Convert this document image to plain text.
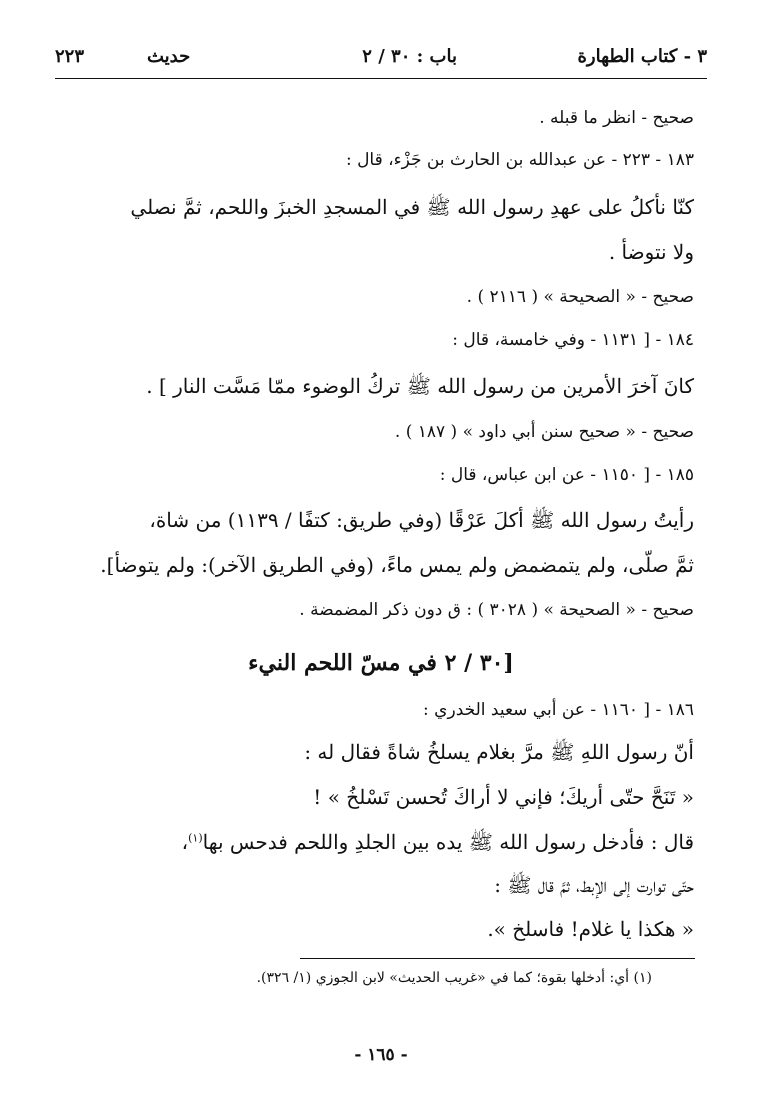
٣ - كتاب الطهارة
باب : ٣٠ / ٢
حديث
٢٢٣
صحيح - انظر ما قبله .
١٨٣ - ٢٢٣ - عن عبدالله بن الحارث بن جَزْء، قال :
كنّا نأكلُ على عهدِ رسول الله ﷺ في المسجدِ الخبزَ واللحم، ثمَّ نصلي
ولا نتوضأ .
صحيح - « الصحيحة » ( ٢١١٦ ) .
١٨٤ - [ ١١٣١ - وفي خامسة، قال :
كانَ آخرَ الأمرين من رسول الله ﷺ تركُ الوضوء ممّا مَسَّت النار ] .
صحيح - « صحيح سنن أبي داود » ( ١٨٧ ) .
١٨٥ - [ ١١٥٠ - عن ابن عباس، قال :
رأيتُ رسول الله ﷺ أكلَ عَرْقًا (وفي طريق: كتفًا / ١١٣٩) من شاة،
ثمَّ صلّى، ولم يتمضمض ولم يمس ماءً، (وفي الطريق الآخر): ولم يتوضأ].
صحيح - « الصحيحة » ( ٣٠٢٨ ) : ق دون ذكر المضمضة .
[٣٠ / ٢ في مسّ اللحم النيء
١٨٦ - [ ١١٦٠ - عن أبي سعيد الخدري :
أنّ رسول اللهِ ﷺ مرَّ بغلام يسلخُ شاةً فقال له :
« تَنَحَّ حتّى أريكَ؛ فإني لا أراكَ تُحسن تَسْلخُ » !
قال : فأدخل رسول الله ﷺ يده بين الجلدِ واللحم فدحس بها$^{(١)}$،
حتّى توارت إلى الإبط، ثمَّ قال ﷺ :
« هكذا يا غلام! فاسلخ ».
(١) أي: أدخلها بقوة؛ كما في «غريب الحديث» لابن الجوزي (١/ ٣٢٦).
- ١٦٥ -
